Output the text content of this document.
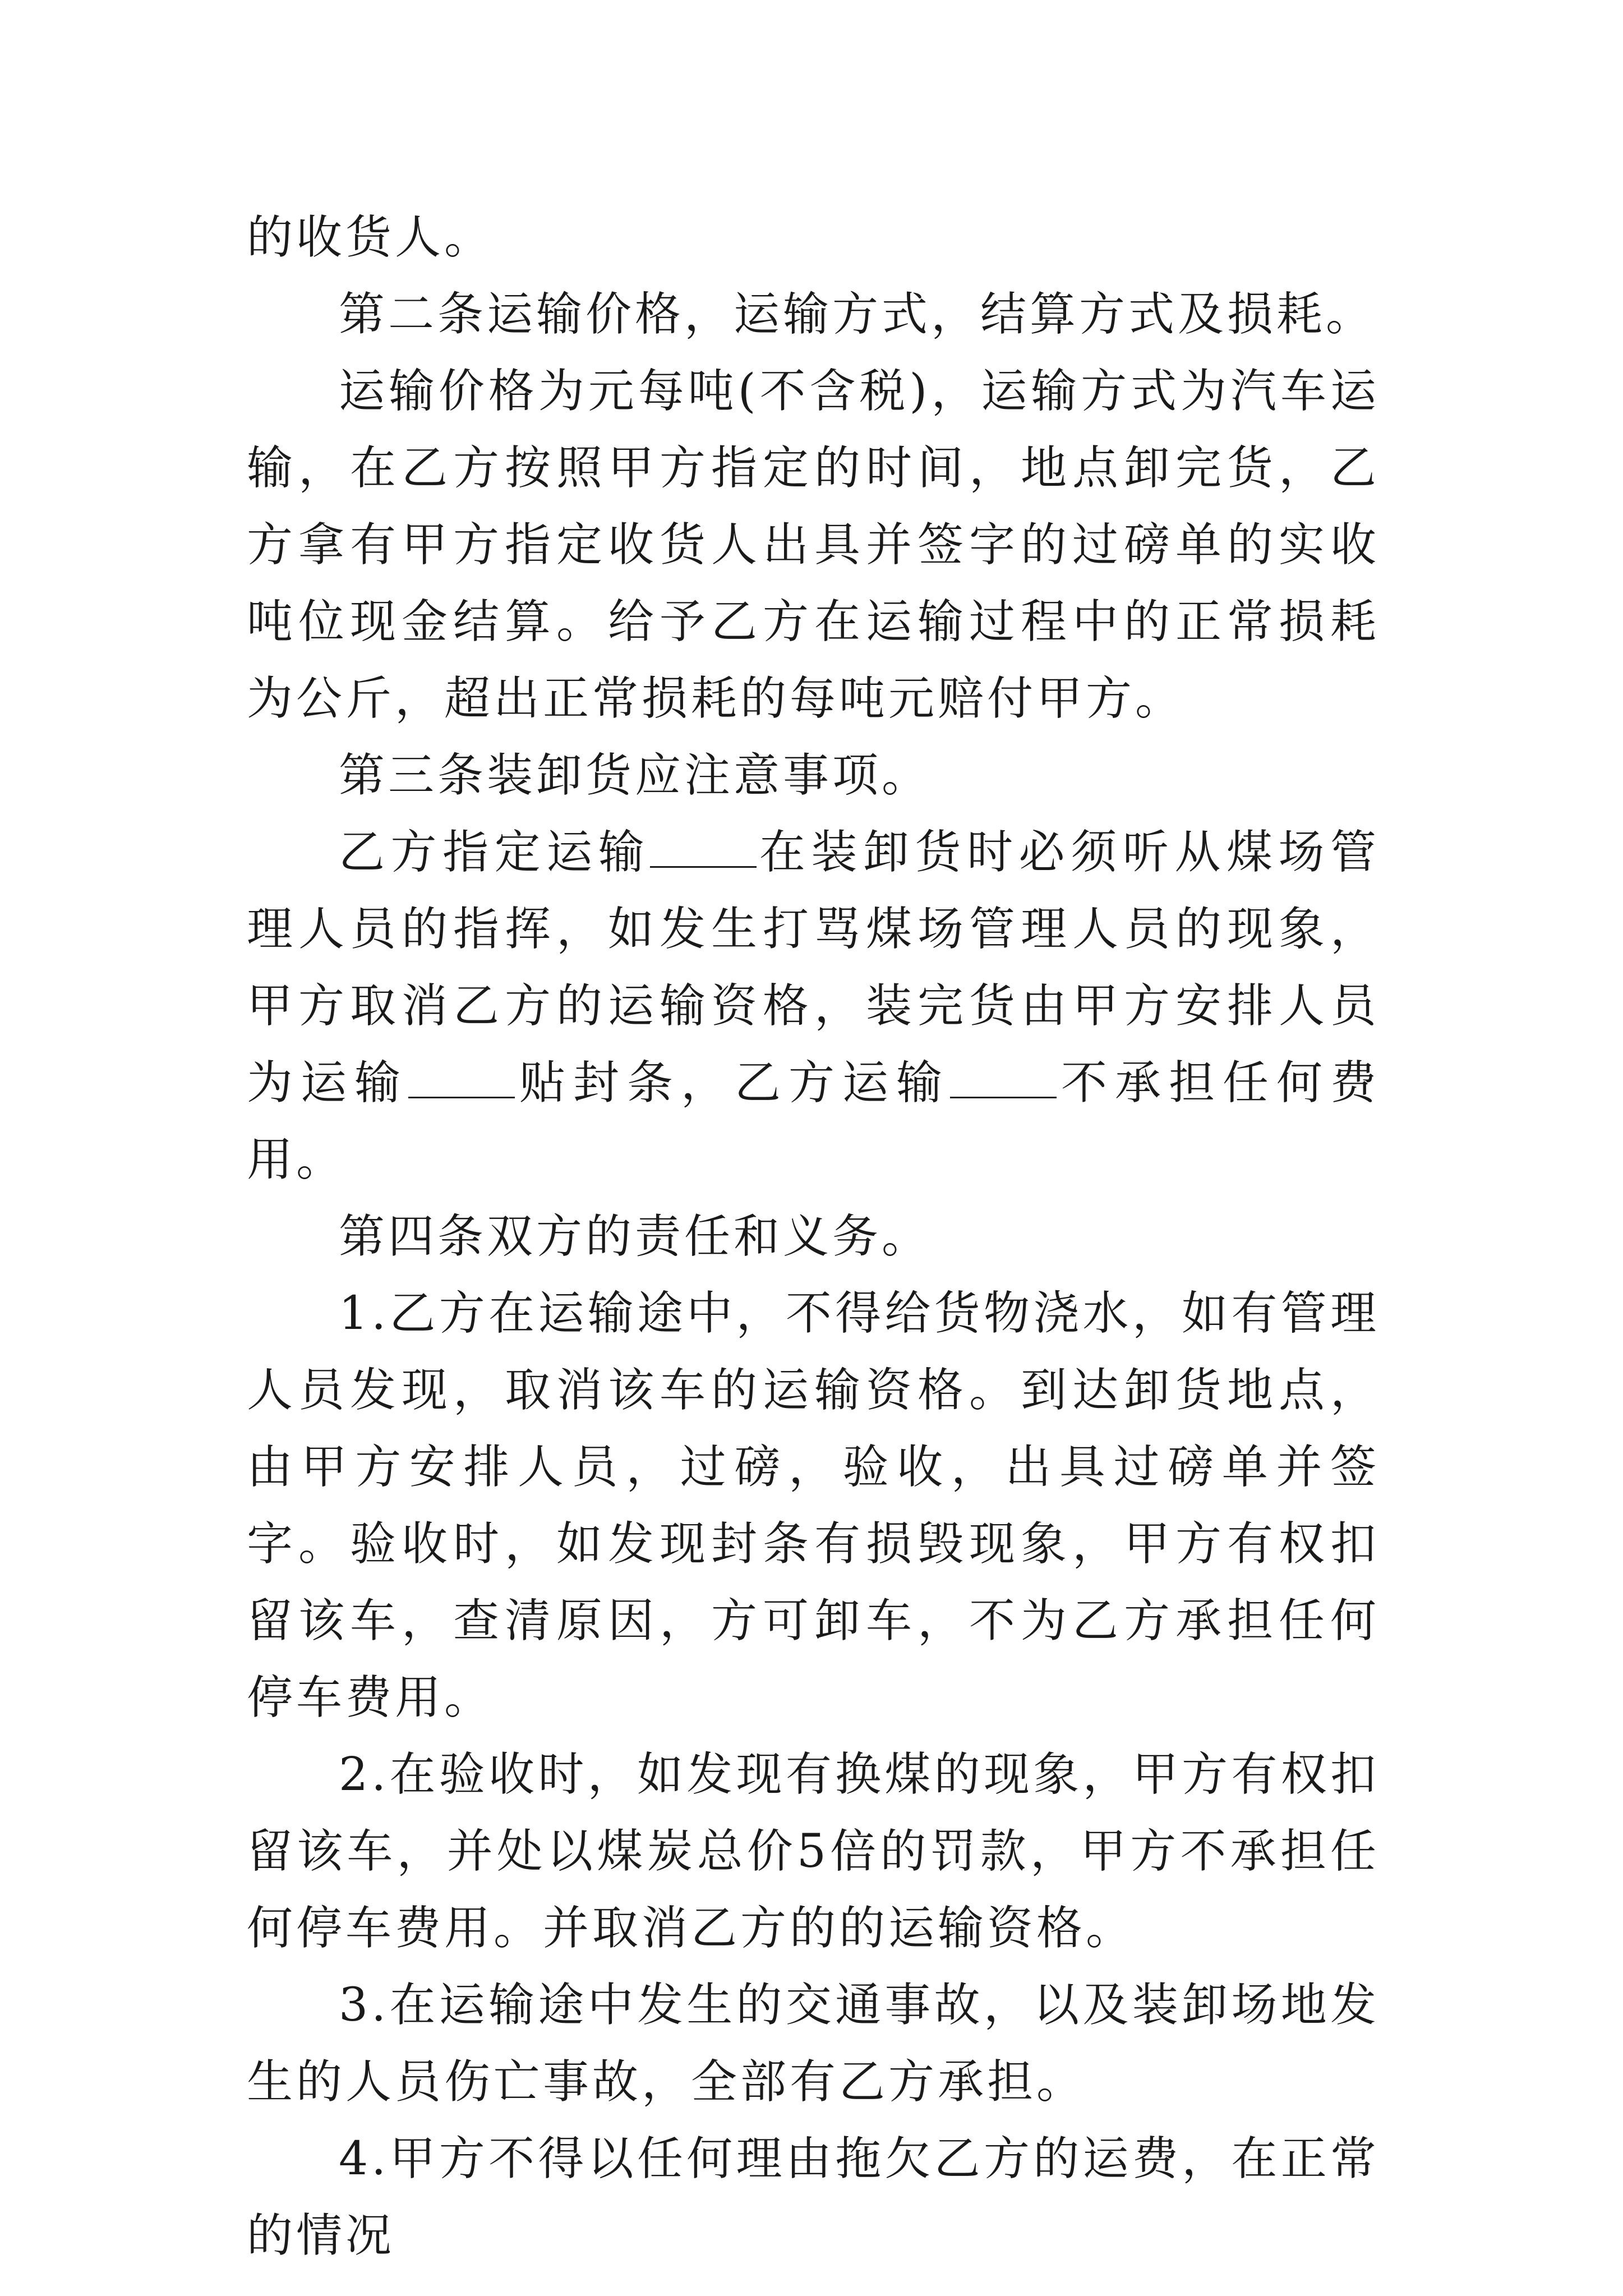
的收货人。

第二条运输价格，运输方式，结算方式及损耗。

运输价格为元每吨(不含税)，运输方式为汽车运输，在乙方按照甲方指定的时间，地点卸完货，乙方拿有甲方指定收货人出具并签字的过磅单的实收吨位现金结算。给予乙方在运输过程中的正常损耗为公斤，超出正常损耗的每吨元赔付甲方。

第三条装卸货应注意事项。

乙方指定运输 在装卸货时必须听从煤场管理人员的指挥，如发生打骂煤场管理人员的现象，甲方取消乙方的运输资格，装完货由甲方安排人员为运输 贴封条，乙方运输 不承担任何费用。

第四条双方的责任和义务。

1.乙方在运输途中，不得给货物浇水，如有管理人员发现，取消该车的运输资格。到达卸货地点，由甲方安排人员，过磅，验收，出具过磅单并签字。验收时，如发现封条有损毁现象，甲方有权扣留该车，查清原因，方可卸车，不为乙方承担任何停车费用。

2.在验收时，如发现有换煤的现象，甲方有权扣留该车，并处以煤炭总价5倍的罚款，甲方不承担任何停车费用。并取消乙方的的运输资格。

3.在运输途中发生的交通事故，以及装卸场地发生的人员伤亡事故，全部有乙方承担。

4.甲方不得以任何理由拖欠乙方的运费，在正常的情况
